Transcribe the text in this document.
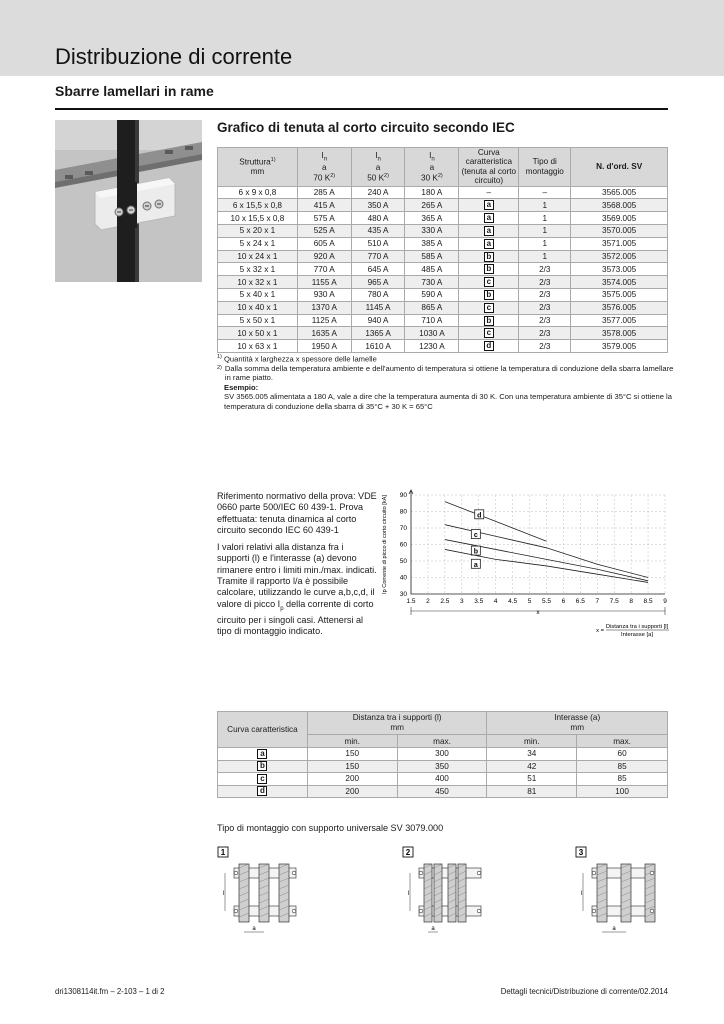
Distribuzione di corrente
Sbarre lamellari in rame
Grafico di tenuta al corto circuito secondo IEC
Struttura$^{1)}$
mm	$I_n$
a
70 $K^{2)}$	$I_n$
a
50 $K^{2)}$	$I_n$
a
30 $K^{2)}$	Curva caratteristica (tenuta al corto circuito)	Tipo di montaggio	N. d'ord. SV
6 x 9 x 0,8	285 A	240 A	180 A	–	–	3565.005
6 x 15,5 x 0,8	415 A	350 A	265 A	a	1	3568.005
10 x 15,5 x 0,8	575 A	480 A	365 A	a	1	3569.005
5 x 20 x 1	525 A	435 A	330 A	a	1	3570.005
5 x 24 x 1	605 A	510 A	385 A	a	1	3571.005
10 x 24 x 1	920 A	770 A	585 A	b	1	3572.005
5 x 32 x 1	770 A	645 A	485 A	b	2/3	3573.005
10 x 32 x 1	1155 A	965 A	730 A	c	2/3	3574.005
5 x 40 x 1	930 A	780 A	590 A	b	2/3	3575.005
10 x 40 x 1	1370 A	1145 A	865 A	c	2/3	3576.005
5 x 50 x 1	1125 A	940 A	710 A	b	2/3	3577.005
10 x 50 x 1	1635 A	1365 A	1030 A	c	2/3	3578.005
10 x 63 x 1	1950 A	1610 A	1230 A	d	2/3	3579.005
$^{1)}$ Quantità x larghezza x spessore delle lamelle
2) Dalla somma della temperatura ambiente e dell'aumento di temperatura si ottiene la temperatura di conduzione della sbarra lamellare in rame piatto.
Esempio:
SV 3565.005 alimentata a 180 A, vale a dire che la temperatura aumenta di 30 K. Con una temperatura ambiente di 35°C si ottiene la temperatura di conduzione della sbarra di 35°C + 30 K = 65°C

Riferimento normativo della prova: VDE 0660 parte 500/IEC 60 439-1. Prova effettuata: tenuta dinamica al corto circuito secondo IEC 60 439-1

I valori relativi alla distanza fra i supporti (l) e l'interasse (a) devono rimanere entro i limiti min./max. indicati. Tramite il rapporto l/a è possibile calcolare, utilizzando le curve a,b,c,d, il valore di picco $I_p$ della corrente di corto circuito per i singoli casi. Attenersi al tipo di montaggio indicato.

1.5 2 2.5 3 3.5 4 4.5 5 5.5 6 6.5 7 7.5 8 8.5 9
30
40
50
60
70
80
90
Ip Corrente di picco di corto circuito [kA]	d
c
b
a
x
x =
Distanza tra i supporti [l]
Interasse [a]
Curva caratteristica	Distanza tra i supporti (l)
mm		Interasse (a)
mm	
	min.	max.	min.	max.
a	150	300	34	60
b	150	350	42	85
c	200	400	51	85
d	200	450	81	100
Tipo di montaggio con supporto universale SV 3079.000
1
l
a
2
l
a
3
l
a
dri1308114it.fm – 2-103 – 1 di 2	Dettagli tecnici/Distribuzione di corrente/02.2014
